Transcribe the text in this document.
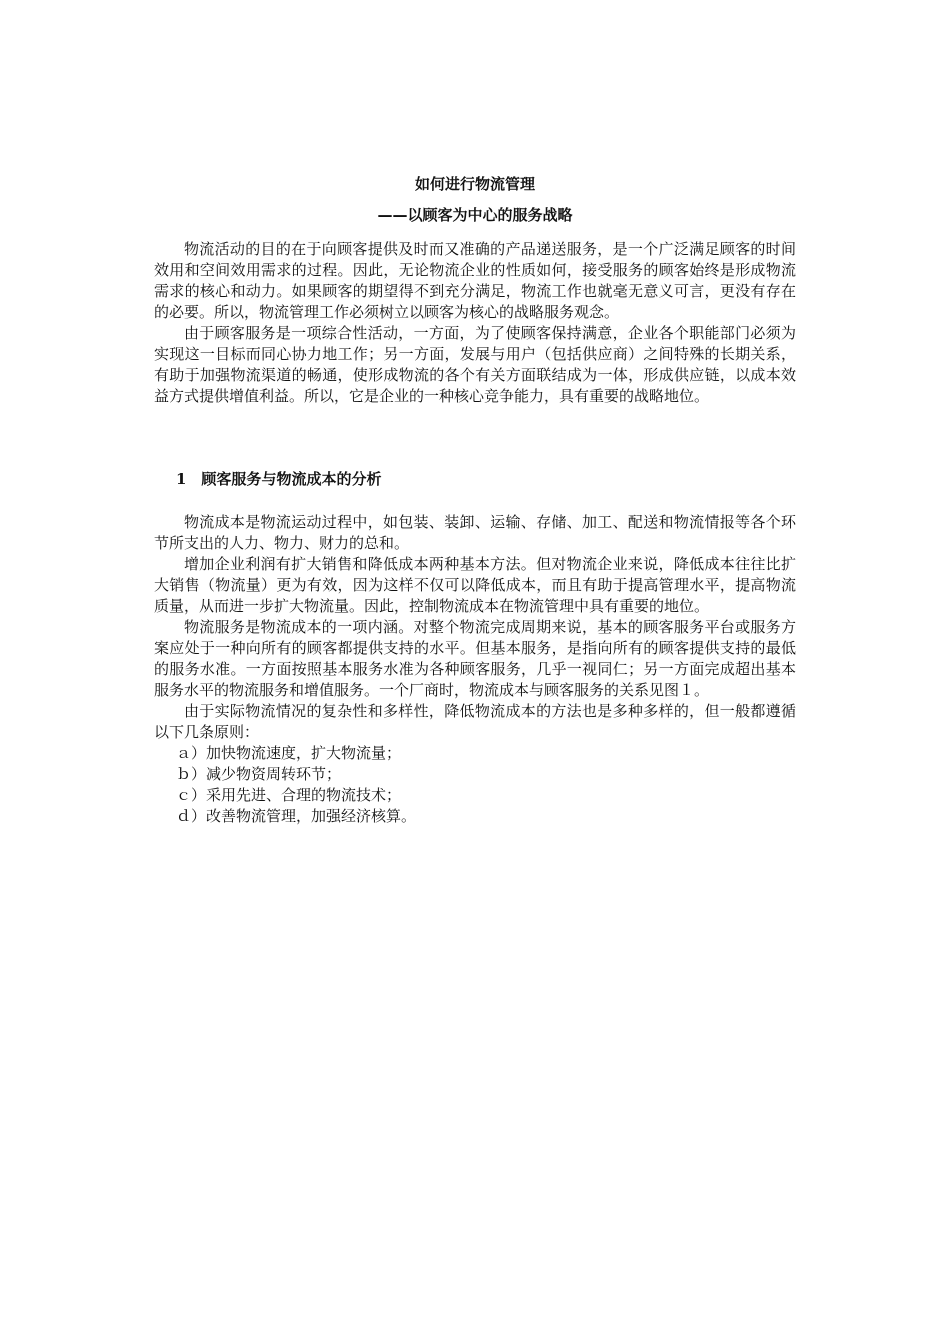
如何进行物流管理
——以顾客为中心的服务战略

物流活动的目的在于向顾客提供及时而又准确的产品递送服务，是一个广泛满足顾客的时间效用和空间效用需求的过程。因此，无论物流企业的性质如何，接受服务的顾客始终是形成物流需求的核心和动力。如果顾客的期望得不到充分满足，物流工作也就毫无意义可言，更没有存在的必要。所以，物流管理工作必须树立以顾客为核心的战略服务观念。

由于顾客服务是一项综合性活动，一方面，为了使顾客保持满意，企业各个职能部门必须为实现这一目标而同心协力地工作；另一方面，发展与用户（包括供应商）之间特殊的长期关系，有助于加强物流渠道的畅通，使形成物流的各个有关方面联结成为一体，形成供应链，以成本效益方式提供增值利益。所以，它是企业的一种核心竞争能力，具有重要的战略地位。

1　顾客服务与物流成本的分析

物流成本是物流运动过程中，如包装、装卸、运输、存储、加工、配送和物流情报等各个环节所支出的人力、物力、财力的总和。

增加企业利润有扩大销售和降低成本两种基本方法。但对物流企业来说，降低成本往往比扩大销售（物流量）更为有效，因为这样不仅可以降低成本，而且有助于提高管理水平，提高物流质量，从而进一步扩大物流量。因此，控制物流成本在物流管理中具有重要的地位。

物流服务是物流成本的一项内涵。对整个物流完成周期来说，基本的顾客服务平台或服务方案应处于一种向所有的顾客都提供支持的水平。但基本服务，是指向所有的顾客提供支持的最低的服务水准。一方面按照基本服务水准为各种顾客服务，几乎一视同仁；另一方面完成超出基本服务水平的物流服务和增值服务。一个厂商时，物流成本与顾客服务的关系见图１。

由于实际物流情况的复杂性和多样性，降低物流成本的方法也是多种多样的，但一般都遵循以下几条原则：

ａ）加快物流速度，扩大物流量；
ｂ）减少物资周转环节；
ｃ）采用先进、合理的物流技术；
ｄ）改善物流管理，加强经济核算。
